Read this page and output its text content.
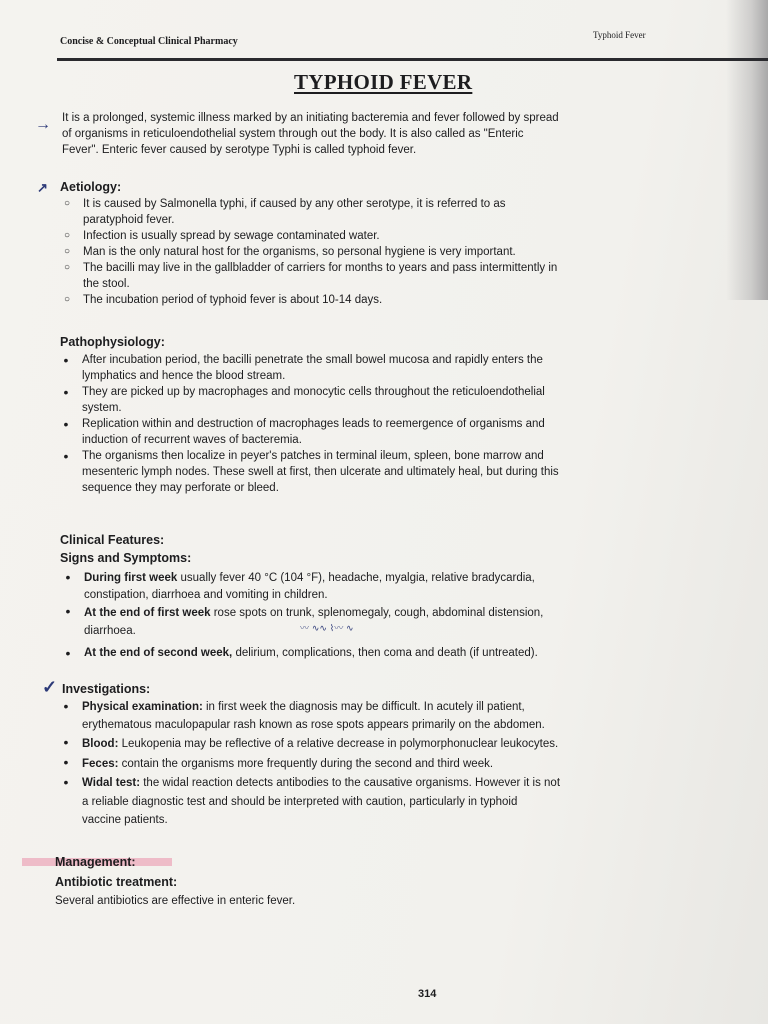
Concise & Conceptual Clinical Pharmacy
Typhoid Fever
TYPHOID FEVER
→ It is a prolonged, systemic illness marked by an initiating bacteremia and fever followed by spread
of organisms in reticuloendothelial system through out the body. It is also called as "Enteric
Fever". Enteric fever caused by serotype Typhi is called typhoid fever.
↗ Aetiology:
○	It is caused by Salmonella typhi, if caused by any other serotype, it is referred to as
paratyphoid fever.
○	Infection is usually spread by sewage contaminated water.
○	Man is the only natural host for the organisms, so personal hygiene is very important.
○	The bacilli may live in the gallbladder of carriers for months to years and pass intermittently in
the stool.
○	The incubation period of typhoid fever is about 10-14 days.
Pathophysiology:
•	After incubation period, the bacilli penetrate the small bowel mucosa and rapidly enters the
lymphatics and hence the blood stream.
•	They are picked up by macrophages and monocytic cells throughout the reticuloendothelial
system.
•	Replication within and destruction of macrophages leads to reemergence of organisms and
induction of recurrent waves of bacteremia.
•	The organisms then localize in peyer's patches in terminal ileum, spleen, bone marrow and
mesenteric lymph nodes. These swell at first, then ulcerate and ultimately heal, but during this
sequence they may perforate or bleed.
Clinical Features:
Signs and Symptoms:
•	During first week usually fever 40 °C (104 °F), headache, myalgia, relative bradycardia,
constipation, diarrhoea and vomiting in children.
•	At the end of first week rose spots on trunk, splenomegaly, cough, abdominal distension,
diarrhoea.
•	At the end of second week, delirium, complications, then coma and death (if untreated).
〰︎ ∿∿ ⌇〰︎ ∿
✓ Investigations:
•	Physical examination: in first week the diagnosis may be difficult. In acutely ill patient,
erythematous maculopapular rash known as rose spots appears primarily on the abdomen.
•	Blood: Leukopenia may be reflective of a relative decrease in polymorphonuclear leukocytes.
•	Feces: contain the organisms more frequently during the second and third week.
•	Widal test: the widal reaction detects antibodies to the causative organisms. However it is not
a reliable diagnostic test and should be interpreted with caution, particularly in typhoid
vaccine patients.
Management:
Antibiotic treatment:
Several antibiotics are effective in enteric fever.
314
